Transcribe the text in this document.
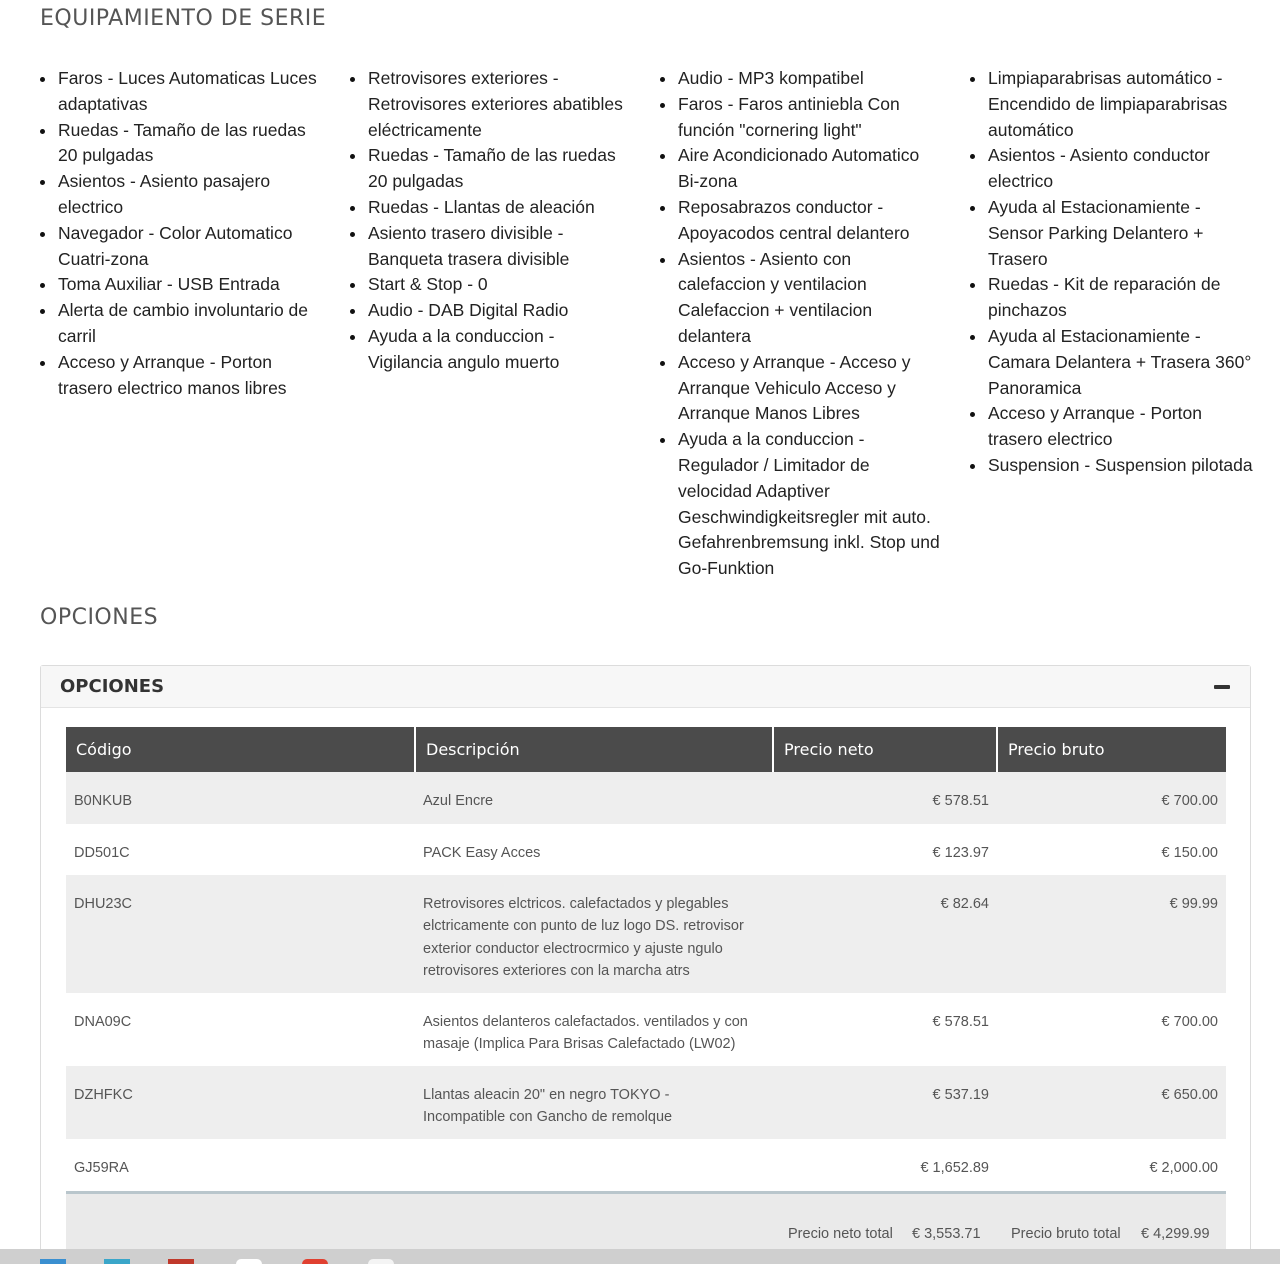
EQUIPAMIENTO DE SERIE
Faros - Luces Automaticas Luces adaptativas
Ruedas - Tamaño de las ruedas 20 pulgadas
Asientos - Asiento pasajero electrico
Navegador - Color Automatico Cuatri-zona
Toma Auxiliar - USB Entrada
Alerta de cambio involuntario de carril
Acceso y Arranque - Porton trasero electrico manos libres
Retrovisores exteriores - Retrovisores exteriores abatibles eléctricamente
Ruedas - Tamaño de las ruedas 20 pulgadas
Ruedas - Llantas de aleación
Asiento trasero divisible - Banqueta trasera divisible
Start & Stop - 0
Audio - DAB Digital Radio
Ayuda a la conduccion - Vigilancia angulo muerto
Audio - MP3 kompatibel
Faros - Faros antiniebla Con función "cornering light"
Aire Acondicionado Automatico Bi-zona
Reposabrazos conductor - Apoyacodos central delantero
Asientos - Asiento con calefaccion y ventilacion Calefaccion + ventilacion delantera
Acceso y Arranque - Acceso y Arranque Vehiculo Acceso y Arranque Manos Libres
Ayuda a la conduccion - Regulador / Limitador de velocidad Adaptiver Geschwindigkeitsregler mit auto. Gefahrenbremsung inkl. Stop und Go-Funktion
Limpiaparabrisas automático - Encendido de limpiaparabrisas automático
Asientos - Asiento conductor electrico
Ayuda al Estacionamiente - Sensor Parking Delantero + Trasero
Ruedas - Kit de reparación de pinchazos
Ayuda al Estacionamiente - Camara Delantera + Trasera 360° Panoramica
Acceso y Arranque - Porton trasero electrico
Suspension - Suspension pilotada
OPCIONES
OPCIONES
Código	Descripción	Precio neto	Precio bruto
B0NKUB	Azul Encre	€ 578.51	€ 700.00
DD501C	PACK Easy Acces	€ 123.97	€ 150.00
DHU23C	Retrovisores elctricos. calefactados y plegables elctricamente con punto de luz logo DS. retrovisor exterior conductor electrocrmico y ajuste ngulo retrovisores exteriores con la marcha atrs	€ 82.64	€ 99.99
DNA09C	Asientos delanteros calefactados. ventilados y con masaje (Implica Para Brisas Calefactado (LW02)	€ 578.51	€ 700.00
DZHFKC	Llantas aleacin 20" en negro TOKYO - Incompatible con Gancho de remolque	€ 537.19	€ 650.00
GJ59RA		€ 1,652.89	€ 2,000.00
Precio neto total € 3,553.71 Precio bruto total € 4,299.99
